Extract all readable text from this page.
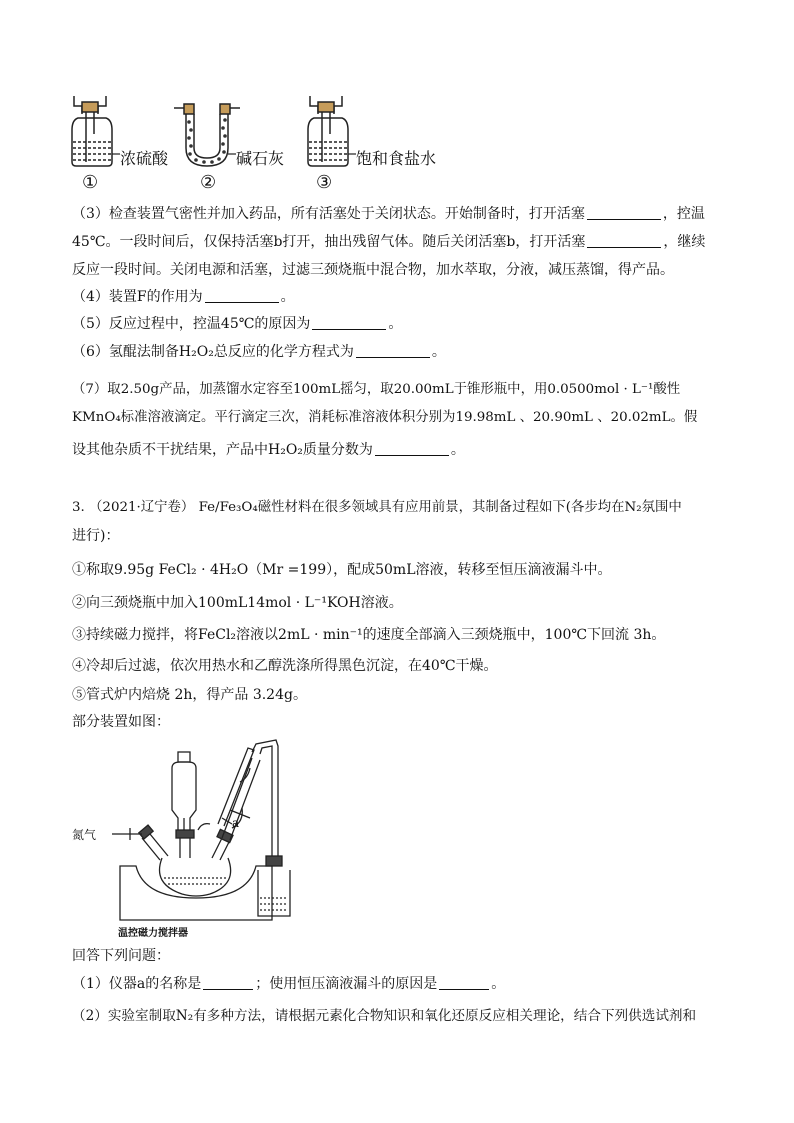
浓硫酸	碱石灰	饱和食盐水
①	②	③
（3）检查装置气密性并加入药品，所有活塞处于关闭状态。开始制备时，打开活塞	，控温
45℃。一段时间后，仅保持活塞b打开，抽出残留气体。随后关闭活塞b，打开活塞	，继续
反应一段时间。关闭电源和活塞，过滤三颈烧瓶中混合物，加水萃取，分液，减压蒸馏，得产品。
（4）装置F的作用为	。
（5）反应过程中，控温45℃的原因为	。
（6）氢醌法制备H₂O₂总反应的化学方程式为	。
（7）取2.50g产品，加蒸馏水定容至100mL摇匀，取20.00mL于锥形瓶中，用0.0500mol · L⁻¹酸性
KMnO₄标准溶液滴定。平行滴定三次，消耗标准溶液体积分别为19.98mL 、20.90mL 、20.02mL。假
设其他杂质不干扰结果，产品中H₂O₂质量分数为	。
3. （2021·辽宁卷） Fe/Fe₃O₄磁性材料在很多领域具有应用前景，其制备过程如下(各步均在N₂氛围中
进行)：
①称取9.95g FeCl₂ · 4H₂O（Mr =199），配成50mL溶液，转移至恒压滴液漏斗中。
②向三颈烧瓶中加入100mL14mol · L⁻¹KOH溶液。
③持续磁力搅拌，将FeCl₂溶液以2mL · min⁻¹的速度全部滴入三颈烧瓶中，100℃下回流 3h。
④冷却后过滤，依次用热水和乙醇洗涤所得黑色沉淀，在40℃干燥。
⑤管式炉内焙烧 2h，得产品 3.24g。
部分装置如图：
氮气
a
温控磁力搅拌器
回答下列问题：
（1）仪器a的名称是	；使用恒压滴液漏斗的原因是	。
（2）实验室制取N₂有多种方法，请根据元素化合物知识和氧化还原反应相关理论，结合下列供选试剂和
